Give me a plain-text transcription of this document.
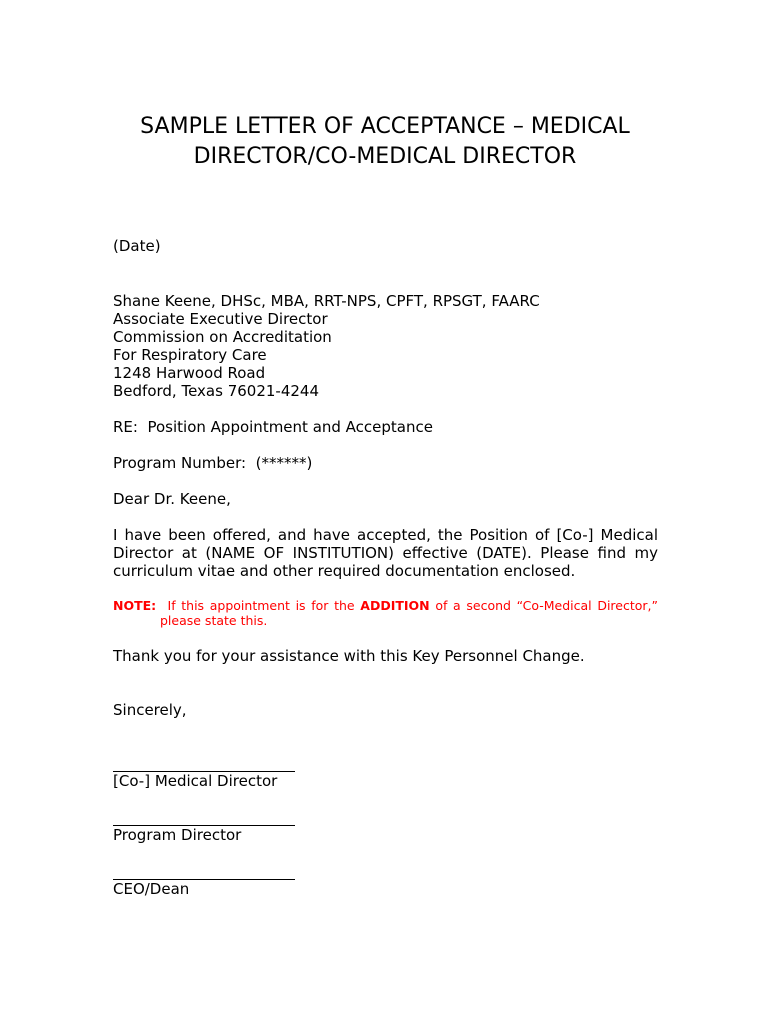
SAMPLE LETTER OF ACCEPTANCE – MEDICAL
DIRECTOR/CO-MEDICAL DIRECTOR
(Date)
Shane Keene, DHSc, MBA, RRT-NPS, CPFT, RPSGT, FAARC
Associate Executive Director
Commission on Accreditation
For Respiratory Care
1248 Harwood Road
Bedford, Texas 76021-4244
RE:  Position Appointment and Acceptance
Program Number:  (******)
Dear Dr. Keene,
I have been offered, and have accepted, the Position of [Co-] Medical Director at (NAME OF INSTITUTION) effective (DATE). Please find my curriculum vitae and other required documentation enclosed.
NOTE:  If this appointment is for the ADDITION of a second “Co-Medical Director,”
please state this.
Thank you for your assistance with this Key Personnel Change.
Sincerely,
[Co-] Medical Director
Program Director
CEO/Dean
